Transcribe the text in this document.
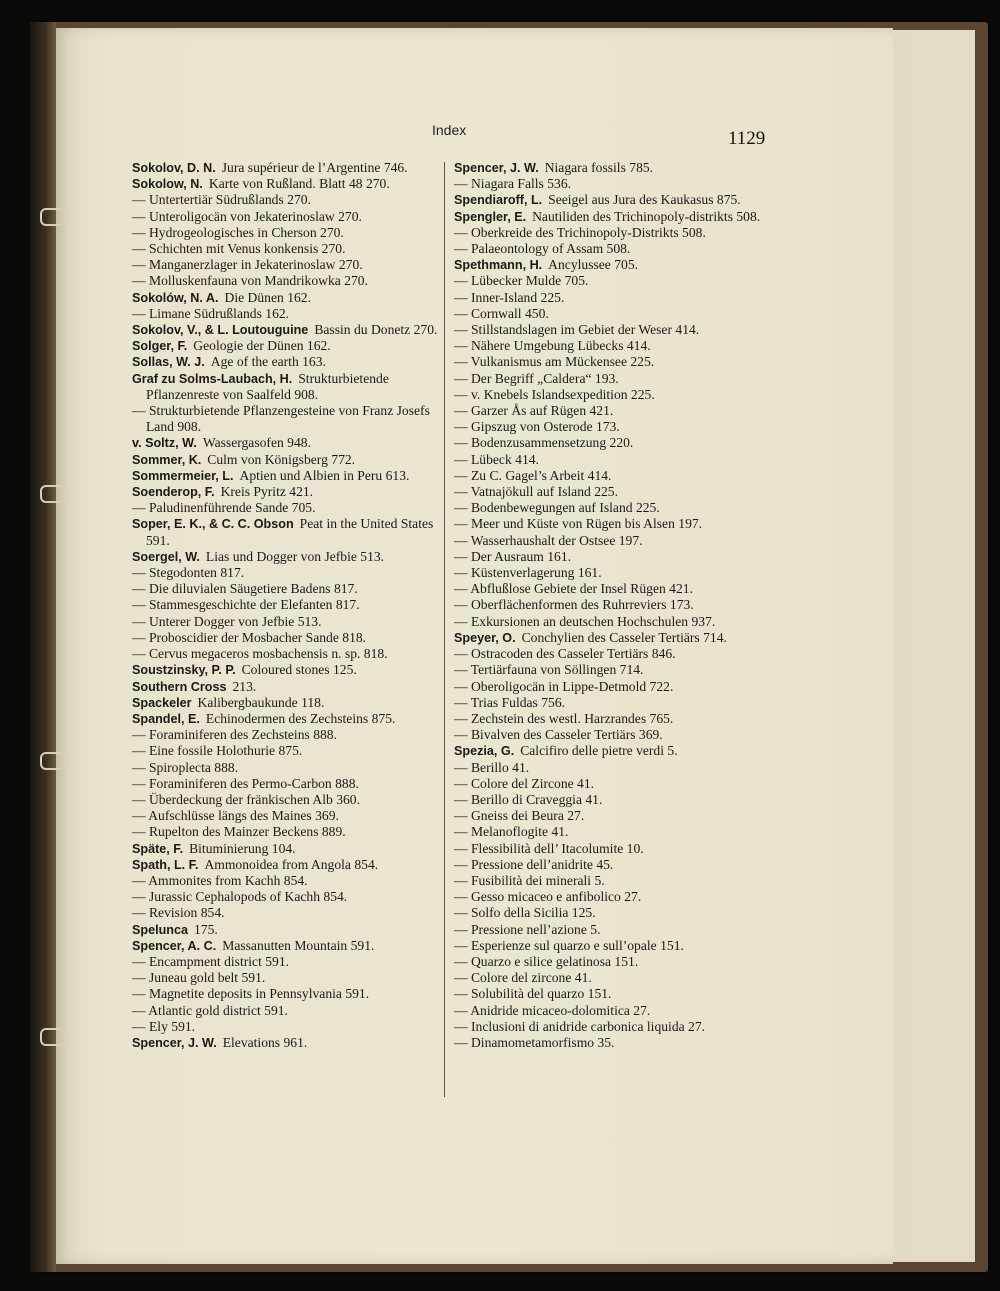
Index	1129

Sokolov, D. N. Jura supérieur de l’Argentine 746.

Sokolow, N. Karte von Rußland. Blatt 48 270.

— Untertertiär Südrußlands 270.

— Unteroligocän von Jekaterinoslaw 270.

— Hydrogeologisches in Cherson 270.

— Schichten mit Venus konkensis 270.

— Manganerzlager in Jekaterinoslaw 270.

— Molluskenfauna von Mandrikowka 270.

Sokolów, N. A. Die Dünen 162.

— Limane Südrußlands 162.

Sokolov, V., & L. Loutouguine Bassin du Donetz 270.

Solger, F. Geologie der Dünen 162.

Sollas, W. J. Age of the earth 163.

Graf zu Solms-Laubach, H. Strukturbietende Pflanzenreste von Saalfeld 908.

— Strukturbietende Pflanzengesteine von Franz Josefs Land 908.

v. Soltz, W. Wassergasofen 948.

Sommer, K. Culm von Königsberg 772.

Sommermeier, L. Aptien und Albien in Peru 613.

Soenderop, F. Kreis Pyritz 421.

— Paludinenführende Sande 705.

Soper, E. K., & C. C. Obson Peat in the United States 591.

Soergel, W. Lias und Dogger von Jefbie 513.

— Stegodonten 817.

— Die diluvialen Säugetiere Badens 817.

— Stammesgeschichte der Elefanten 817.

— Unterer Dogger von Jefbie 513.

— Proboscidier der Mosbacher Sande 818.

— Cervus megaceros mosbachensis n. sp. 818.

Soustzinsky, P. P. Coloured stones 125.

Southern Cross 213.

Spackeler Kalibergbaukunde 118.

Spandel, E. Echinodermen des Zechsteins 875.

— Foraminiferen des Zechsteins 888.

— Eine fossile Holothurie 875.

— Spiroplecta 888.

— Foraminiferen des Permo-Carbon 888.

— Überdeckung der fränkischen Alb 360.

— Aufschlüsse längs des Maines 369.

— Rupelton des Mainzer Beckens 889.

Späte, F. Bituminierung 104.

Spath, L. F. Ammonoidea from Angola 854.

— Ammonites from Kachh 854.

— Jurassic Cephalopods of Kachh 854.

— Revision 854.

Spelunca 175.

Spencer, A. C. Massanutten Mountain 591.

— Encampment district 591.

— Juneau gold belt 591.

— Magnetite deposits in Pennsylvania 591.

— Atlantic gold district 591.

— Ely 591.

Spencer, J. W. Elevations 961.

Spencer, J. W. Niagara fossils 785.

— Niagara Falls 536.

Spendiaroff, L. Seeigel aus Jura des Kaukasus 875.

Spengler, E. Nautiliden des Trichinopoly-distrikts 508.

— Oberkreide des Trichinopoly-Distrikts 508.

— Palaeontology of Assam 508.

Spethmann, H. Ancylussee 705.

— Lübecker Mulde 705.

— Inner-Island 225.

— Cornwall 450.

— Stillstandslagen im Gebiet der Weser 414.

— Nähere Umgebung Lübecks 414.

— Vulkanismus am Mückensee 225.

— Der Begriff „Caldera“ 193.

— v. Knebels Islandsexpedition 225.

— Garzer Ås auf Rügen 421.

— Gipszug von Osterode 173.

— Bodenzusammensetzung 220.

— Lübeck 414.

— Zu C. Gagel’s Arbeit 414.

— Vatnajökull auf Island 225.

— Bodenbewegungen auf Island 225.

— Meer und Küste von Rügen bis Alsen 197.

— Wasserhaushalt der Ostsee 197.

— Der Ausraum 161.

— Küstenverlagerung 161.

— Abflußlose Gebiete der Insel Rügen 421.

— Oberflächenformen des Ruhrreviers 173.

— Exkursionen an deutschen Hochschulen 937.

Speyer, O. Conchylien des Casseler Tertiärs 714.

— Ostracoden des Casseler Tertiärs 846.

— Tertiärfauna von Söllingen 714.

— Oberoligocän in Lippe-Detmold 722.

— Trias Fuldas 756.

— Zechstein des westl. Harzrandes 765.

— Bivalven des Casseler Tertiärs 369.

Spezia, G. Calcifiro delle pietre verdi 5.

— Berillo 41.

— Colore del Zircone 41.

— Berillo di Craveggia 41.

— Gneiss dei Beura 27.

— Melanoflogite 41.

— Flessibilità dell’ Itacolumite 10.

— Pressione dell’anidrite 45.

— Fusibilità dei minerali 5.

— Gesso micaceo e anfibolico 27.

— Solfo della Sicilia 125.

— Pressione nell’azione 5.

— Esperienze sul quarzo e sull’opale 151.

— Quarzo e silice gelatinosa 151.

— Colore del zircone 41.

— Solubilità del quarzo 151.

— Anidride micaceo-dolomitica 27.

— Inclusioni di anidride carbonica liquida 27.

— Dinamometamorfismo 35.
